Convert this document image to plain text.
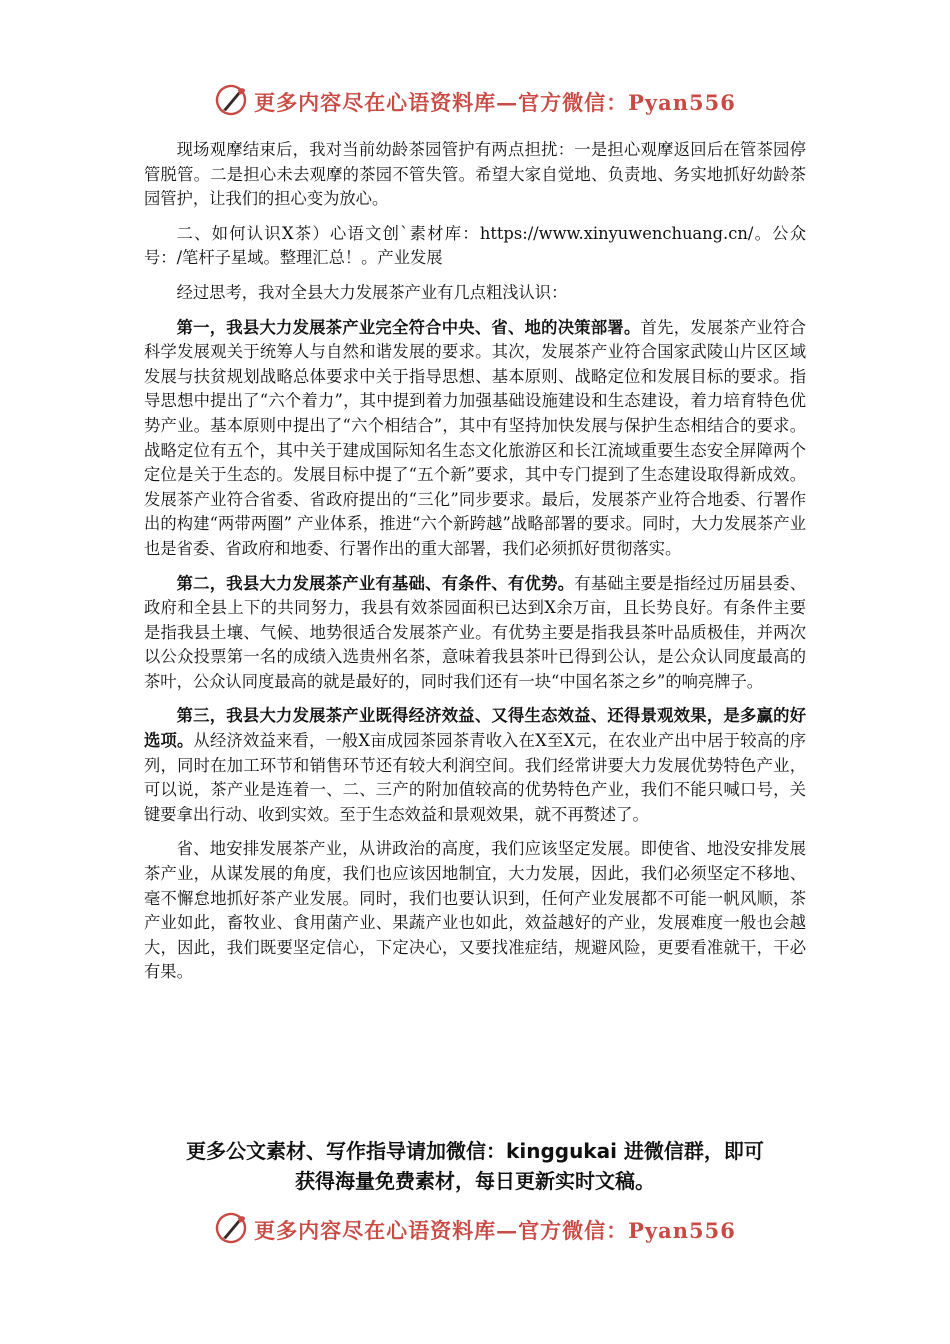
更多内容尽在心语资料库—官方微信：Pyan556

现场观摩结束后，我对当前幼龄茶园管护有两点担扰：一是担心观摩返回后在管茶园停管脱管。二是担心未去观摩的茶园不管失管。希望大家自觉地、负责地、务实地抓好幼龄茶园管护，让我们的担心变为放心。

二、如何认识X茶）心语文创`素材库：https://www.xinyuwenchuang.cn/。公众号：/笔杆子星域。整理汇总！。产业发展

经过思考，我对全县大力发展茶产业有几点粗浅认识：

第一，我县大力发展茶产业完全符合中央、省、地的决策部署。首先，发展茶产业符合科学发展观关于统筹人与自然和谐发展的要求。其次，发展茶产业符合国家武陵山片区区域发展与扶贫规划战略总体要求中关于指导思想、基本原则、战略定位和发展目标的要求。指导思想中提出了“六个着力”，其中提到着力加强基础设施建设和生态建设，着力培育特色优势产业。基本原则中提出了“六个相结合”，其中有坚持加快发展与保护生态相结合的要求。战略定位有五个，其中关于建成国际知名生态文化旅游区和长江流域重要生态安全屏障两个定位是关于生态的。发展目标中提了“五个新”要求，其中专门提到了生态建设取得新成效。发展茶产业符合省委、省政府提出的“三化”同步要求。最后，发展茶产业符合地委、行署作出的构建“两带两圈” 产业体系，推进“六个新跨越”战略部署的要求。同时，大力发展茶产业也是省委、省政府和地委、行署作出的重大部署，我们必须抓好贯彻落实。

第二，我县大力发展茶产业有基础、有条件、有优势。有基础主要是指经过历届县委、政府和全县上下的共同努力，我县有效茶园面积已达到X余万亩，且长势良好。有条件主要是指我县土壤、气候、地势很适合发展茶产业。有优势主要是指我县茶叶品质极佳，并两次以公众投票第一名的成绩入选贵州名茶，意味着我县茶叶已得到公认，是公众认同度最高的茶叶，公众认同度最高的就是最好的，同时我们还有一块“中国名茶之乡”的响亮牌子。

第三，我县大力发展茶产业既得经济效益、又得生态效益、还得景观效果，是多赢的好选项。从经济效益来看，一般X亩成园茶园茶青收入在X至X元，在农业产出中居于较高的序列，同时在加工环节和销售环节还有较大利润空间。我们经常讲要大力发展优势特色产业，可以说，茶产业是连着一、二、三产的附加值较高的优势特色产业，我们不能只喊口号，关键要拿出行动、收到实效。至于生态效益和景观效果，就不再赘述了。

省、地安排发展茶产业，从讲政治的高度，我们应该坚定发展。即使省、地没安排发展茶产业，从谋发展的角度，我们也应该因地制宜，大力发展，因此，我们必须坚定不移地、毫不懈怠地抓好茶产业发展。同时，我们也要认识到，任何产业发展都不可能一帆风顺，茶产业如此，畜牧业、食用菌产业、果蔬产业也如此，效益越好的产业，发展难度一般也会越大，因此，我们既要坚定信心，下定决心，又要找准症结，规避风险，更要看准就干，干必有果。

更多公文素材、写作指导请加微信：kinggukai 进微信群，即可
获得海量免费素材，每日更新实时文稿。
更多内容尽在心语资料库—官方微信：Pyan556
